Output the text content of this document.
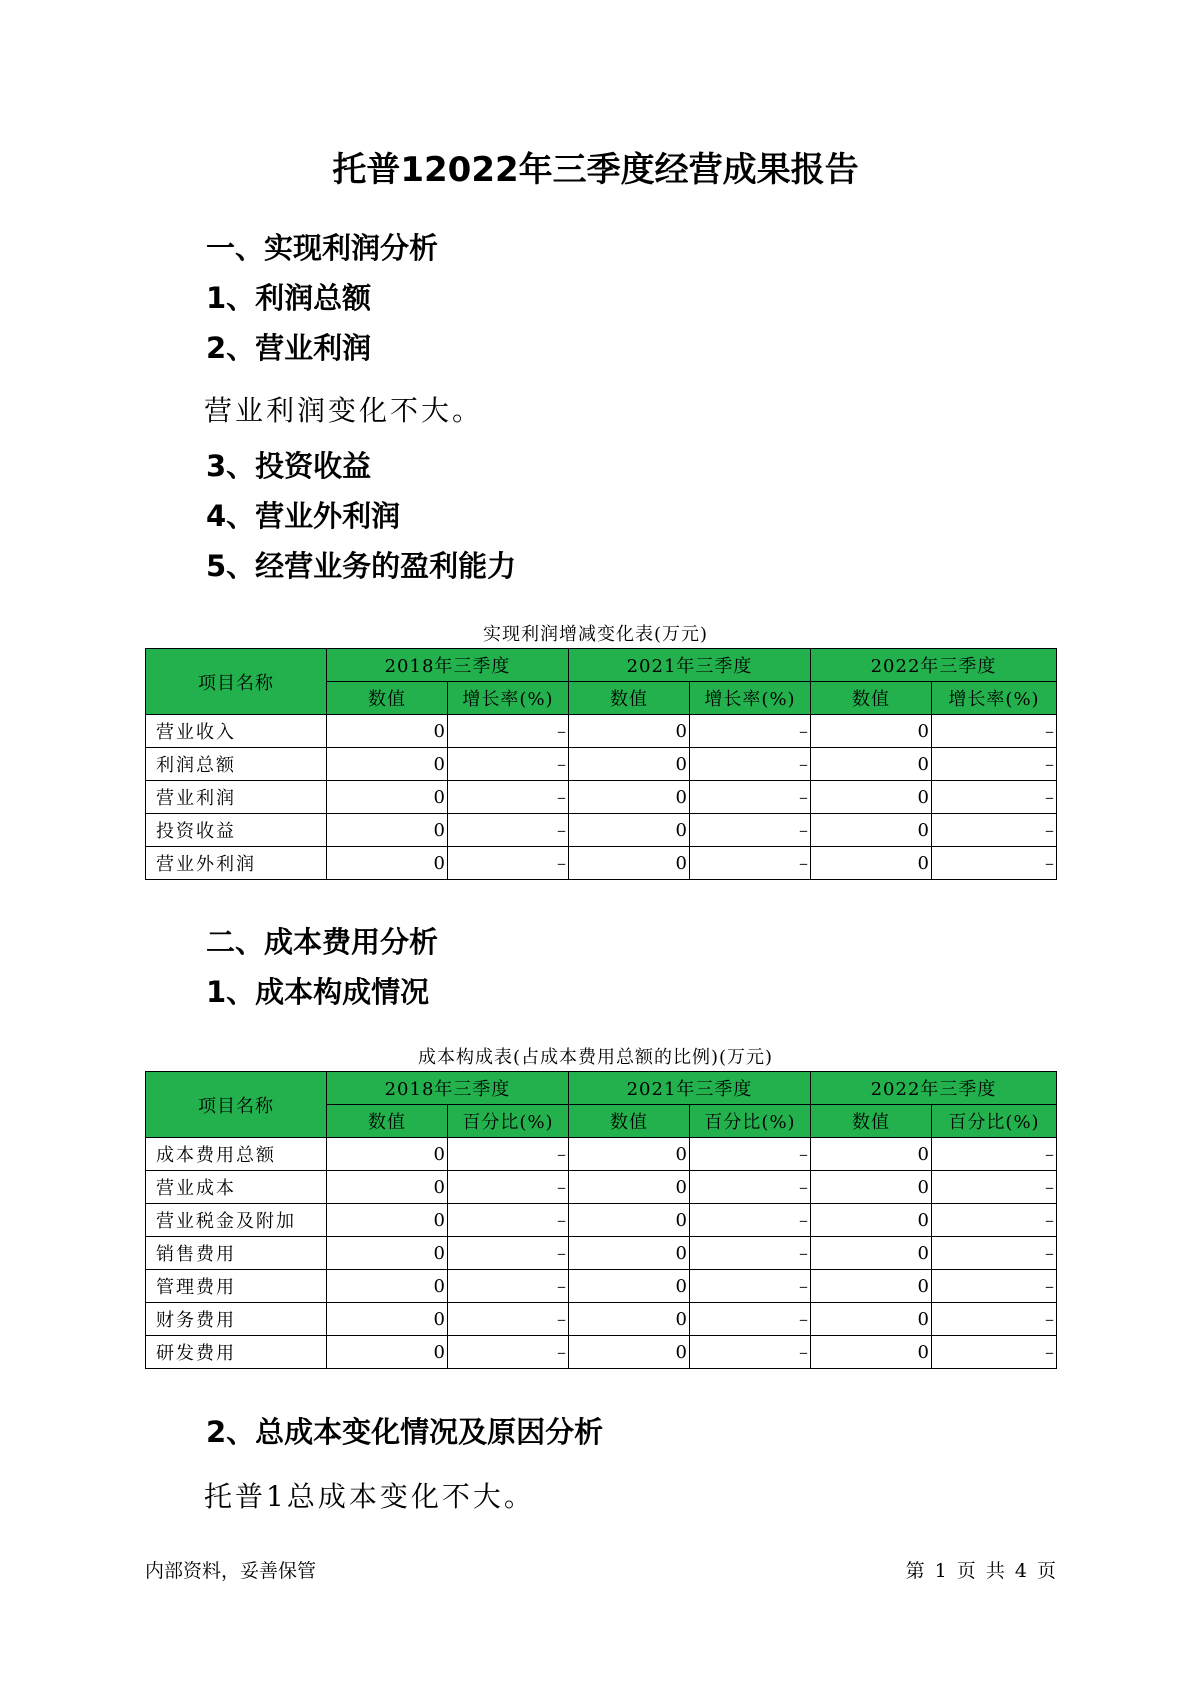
托普12022年三季度经营成果报告
一、实现利润分析
1、利润总额
2、营业利润
营业利润变化不大。
3、投资收益
4、营业外利润
5、经营业务的盈利能力
实现利润增减变化表(万元)
项目名称	2018年三季度		2021年三季度		2022年三季度	
	数值	增长率(%)	数值	增长率(%)	数值	增长率(%)
营业收入	0	–	0	–	0	–
利润总额	0	–	0	–	0	–
营业利润	0	–	0	–	0	–
投资收益	0	–	0	–	0	–
营业外利润	0	–	0	–	0	–
二、成本费用分析
1、成本构成情况
成本构成表(占成本费用总额的比例)(万元)
项目名称	2018年三季度		2021年三季度		2022年三季度	
	数值	百分比(%)	数值	百分比(%)	数值	百分比(%)
成本费用总额	0	–	0	–	0	–
营业成本	0	–	0	–	0	–
营业税金及附加	0	–	0	–	0	–
销售费用	0	–	0	–	0	–
管理费用	0	–	0	–	0	–
财务费用	0	–	0	–	0	–
研发费用	0	–	0	–	0	–
2、总成本变化情况及原因分析
托普1总成本变化不大。
内部资料，妥善保管	第 1 页 共 4 页
